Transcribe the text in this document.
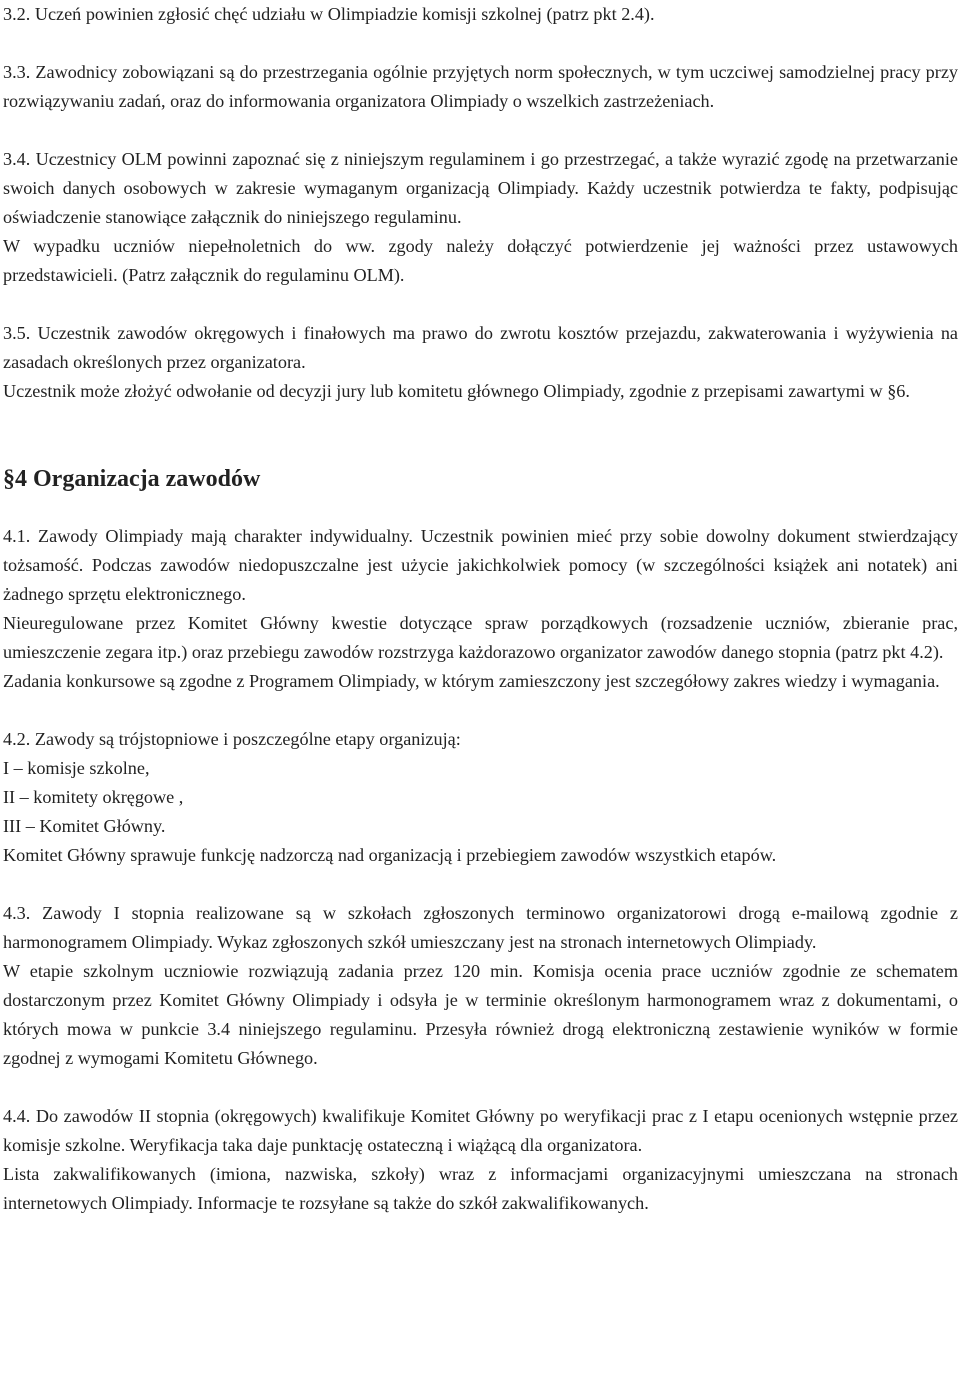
3.2. Uczeń powinien zgłosić chęć udziału w Olimpiadzie komisji szkolnej (patrz pkt 2.4).

3.3. Zawodnicy zobowiązani są do przestrzegania ogólnie przyjętych norm społecznych, w tym uczciwej samodzielnej pracy przy rozwiązywaniu zadań, oraz do informowania organizatora Olimpiady o wszelkich zastrzeżeniach.

3.4. Uczestnicy OLM powinni zapoznać się z niniejszym regulaminem i go przestrzegać, a także wyrazić zgodę na przetwarzanie swoich danych osobowych w zakresie wymaganym organizacją Olimpiady. Każdy uczestnik potwierdza te fakty, podpisując oświadczenie stanowiące załącznik do niniejszego regulaminu.

W wypadku uczniów niepełnoletnich do ww. zgody należy dołączyć potwierdzenie jej ważności przez ustawowych przedstawicieli. (Patrz załącznik do regulaminu OLM).

3.5. Uczestnik zawodów okręgowych i finałowych ma prawo do zwrotu kosztów przejazdu, zakwaterowania i wyżywienia na zasadach określonych przez organizatora.

Uczestnik może złożyć odwołanie od decyzji jury lub komitetu głównego Olimpiady, zgodnie z przepisami zawartymi w §6.

§4 Organizacja zawodów

4.1. Zawody Olimpiady mają charakter indywidualny. Uczestnik powinien mieć przy sobie dowolny dokument stwierdzający tożsamość. Podczas zawodów niedopuszczalne jest użycie jakichkolwiek pomocy (w szczególności książek ani notatek) ani żadnego sprzętu elektronicznego.

Nieuregulowane przez Komitet Główny kwestie dotyczące spraw porządkowych (rozsadzenie uczniów, zbieranie prac, umieszczenie zegara itp.) oraz przebiegu zawodów rozstrzyga każdorazowo organizator zawodów danego stopnia (patrz pkt 4.2).

Zadania konkursowe są zgodne z Programem Olimpiady, w którym zamieszczony jest szczegółowy zakres wiedzy i wymagania.

4.2. Zawody są trójstopniowe i poszczególne etapy organizują:

I – komisje szkolne,

II – komitety okręgowe ,

III – Komitet Główny.

Komitet Główny sprawuje funkcję nadzorczą nad organizacją i przebiegiem zawodów wszystkich etapów.

4.3. Zawody I stopnia realizowane są w szkołach zgłoszonych terminowo organizatorowi drogą e-mailową zgodnie z harmonogramem Olimpiady. Wykaz zgłoszonych szkół umieszczany jest na stronach internetowych Olimpiady.

W etapie szkolnym uczniowie rozwiązują zadania przez 120 min. Komisja ocenia prace uczniów zgodnie ze schematem dostarczonym przez Komitet Główny Olimpiady i odsyła je w terminie określonym harmonogramem wraz z dokumentami, o których mowa w punkcie 3.4 niniejszego regulaminu. Przesyła również drogą elektroniczną zestawienie wyników w formie zgodnej z wymogami Komitetu Głównego.

4.4. Do zawodów II stopnia (okręgowych) kwalifikuje Komitet Główny po weryfikacji prac z I etapu ocenionych wstępnie przez komisje szkolne. Weryfikacja taka daje punktację ostateczną i wiążącą dla organizatora.

Lista zakwalifikowanych (imiona, nazwiska, szkoły) wraz z informacjami organizacyjnymi umieszczana na stronach internetowych Olimpiady. Informacje te rozsyłane są także do szkół zakwalifikowanych.
